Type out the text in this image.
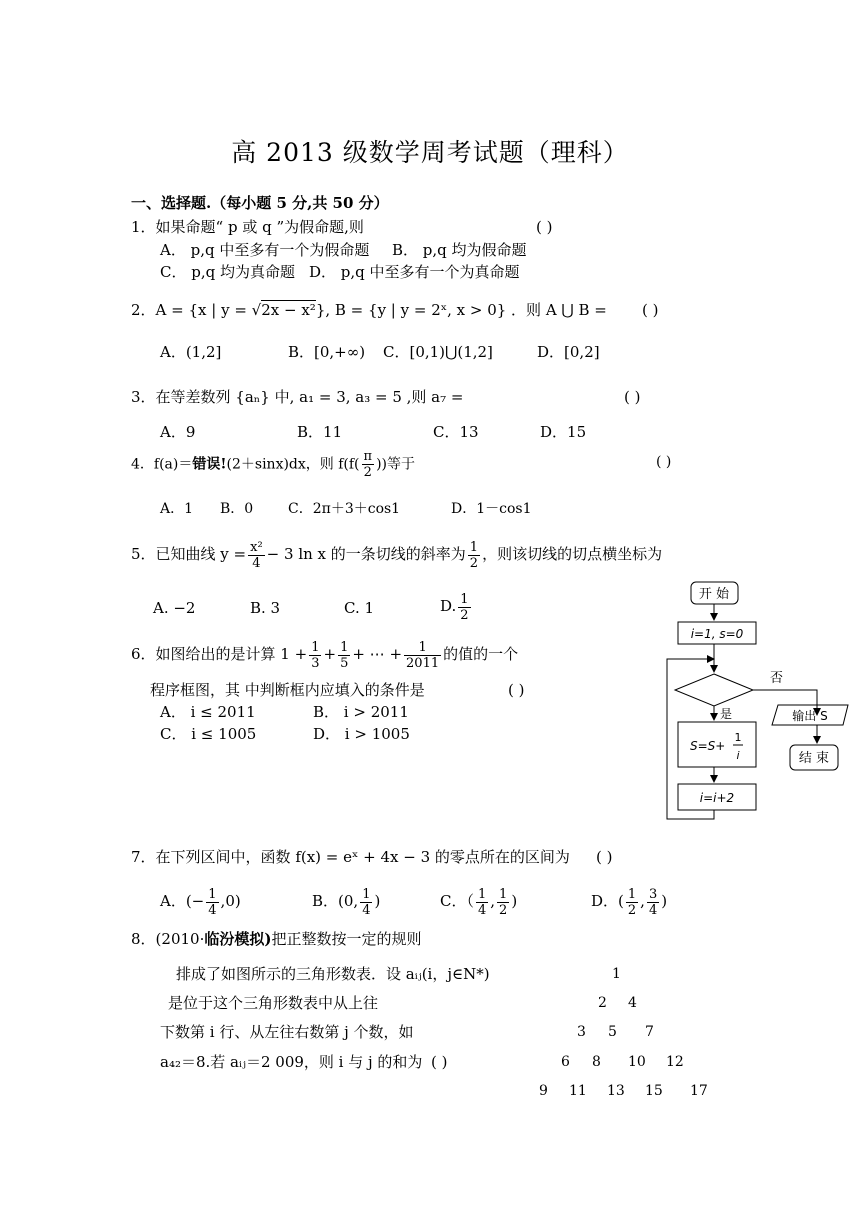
高 2013 级数学周考试题（理科）
一、选择题.（每小题 5 分,共 50 分）
1．如果命题“ p 或 q ”为假命题,则	( )
A． p,q 中至多有一个为假命题 B． p,q 均为假命题
C． p,q 均为真命题 D． p,q 中至多有一个为真命题
2．A = {x | y = √2x − x²}, B = {y | y = 2ˣ, x > 0} ．则 A ⋃ B = ( )
A．(1,2]	B．[0,+∞) C．[0,1)⋃(1,2]	D．[0,2]
3．在等差数列 {aₙ} 中, a₁ = 3, a₃ = 5 ,则 a₇ =	( )
A．9	B．11	C．13	D．15
4．f(a)＝错误!(2＋sinx)dx，则 $f(f( \frac{\pi}{2}$ ))等于	( )
A．1 B．0 C．2π＋3＋cos1	D．1－cos1
5．已知曲线 $y = \frac{\text{x²}}{4} - 3$ ln x 的一条切线的斜率为 $\frac{1}{2}$ ，则该切线的切点横坐标为
A. −2	B. 3	C. 1	D. $\frac{1}{2}$
6．如图给出的是计算 $1 + \frac{1}{3} + \frac{1}{5}$ + ⋯ + $\frac{1}{2011}$ 的值的一个
程序框图，其 中判断框内应填入的条件是	( )
A． i ≤ 2011	B． i > 2011
C． i ≤ 1005	D． i > 1005
开 始
i=1, s=0
否
是	输出 S
结 束
S=S+
1
i
i=i+2
7．在下列区间中，函数 f(x) = eˣ + 4x − 3 的零点所在的区间为 ( )
A．(− $\frac{1}{4} ,0$)	B．(0, $\frac{1}{4}$ )	C．（ $\frac{1}{4}$ , $\frac{1}{2}$ )	D．( $\frac{1}{2}$ , $\frac{3}{4}$ )
8．(2010·临汾模拟)把正整数按一定的规则
排成了如图所示的三角形数表．设 aᵢⱼ(i，j∈N*)
是位于这个三角形数表中从上往
下数第 i 行、从左往右数第 j 个数，如
a₄₂＝8.若 aᵢⱼ＝2 009，则 i 与 j 的和为 ( )
1
2 4
3 5 7
6 8 10 12
9 11 13 15 17
